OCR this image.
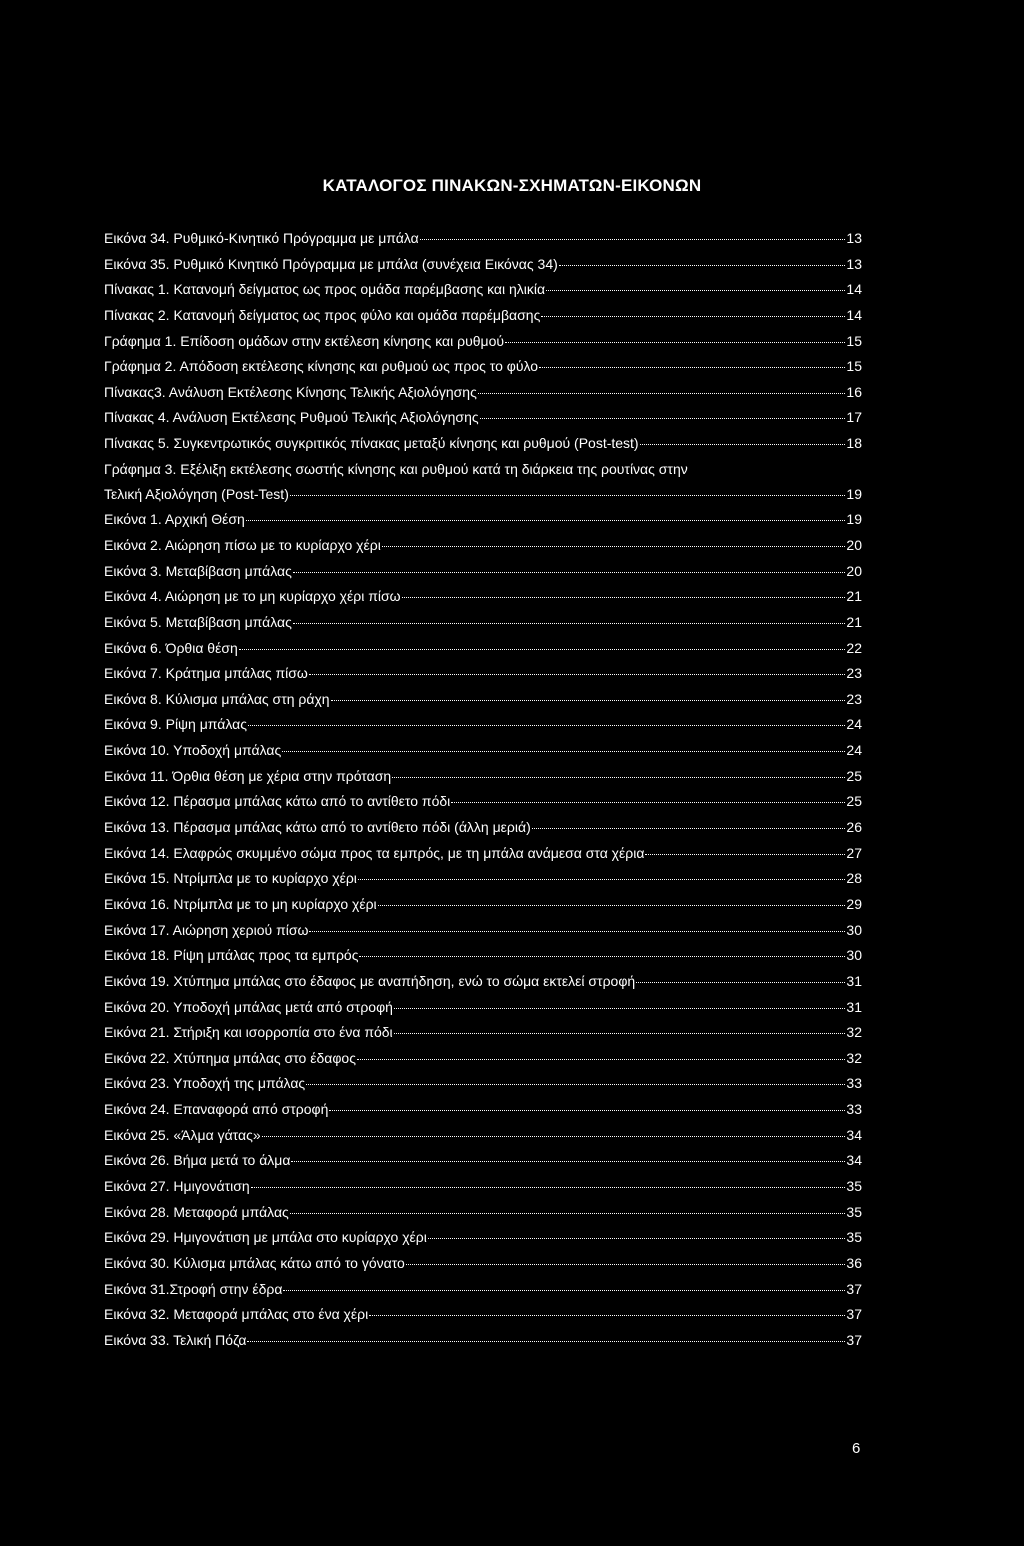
ΚΑΤΑΛΟΓΟΣ ΠΙΝΑΚΩΝ-ΣΧΗΜΑΤΩΝ-ΕΙΚΟΝΩΝ
Εικόνα 34. Ρυθμικό-Κινητικό Πρόγραμμα με μπάλα	13
Εικόνα 35. Ρυθμικό Κινητικό Πρόγραμμα με μπάλα (συνέχεια Εικόνας 34)	13
Πίνακας 1. Κατανομή δείγματος ως προς ομάδα παρέμβασης και ηλικία	14
Πίνακας 2. Κατανομή δείγματος ως προς φύλο και ομάδα παρέμβασης	14
Γράφημα 1. Επίδοση ομάδων στην εκτέλεση κίνησης και ρυθμού	15
Γράφημα 2. Απόδοση εκτέλεσης κίνησης και ρυθμού ως προς το φύλο	15
Πίνακας3. Ανάλυση Εκτέλεσης Κίνησης Τελικής Αξιολόγησης	16
Πίνακας 4. Ανάλυση Εκτέλεσης Ρυθμού Τελικής Αξιολόγησης	17
Πίνακας 5. Συγκεντρωτικός συγκριτικός πίνακας μεταξύ κίνησης και ρυθμού (Post-test)	18
Γράφημα 3. Εξέλιξη εκτέλεσης σωστής κίνησης και ρυθμού κατά τη διάρκεια της ρουτίνας στην
Τελική Αξιολόγηση (Post-Test)	19
Εικόνα 1. Αρχική Θέση	19
Εικόνα 2. Αιώρηση πίσω με το κυρίαρχο χέρι	20
Εικόνα 3. Μεταβίβαση μπάλας	20
Εικόνα 4. Αιώρηση με το μη κυρίαρχο χέρι πίσω	21
Εικόνα 5. Μεταβίβαση μπάλας	21
Εικόνα 6. Όρθια θέση	22
Εικόνα 7. Κράτημα μπάλας πίσω	23
Εικόνα 8. Κύλισμα μπάλας στη ράχη	23
Εικόνα 9. Ρίψη μπάλας	24
Εικόνα 10. Υποδοχή μπάλας	24
Εικόνα 11. Όρθια θέση με χέρια στην πρόταση	25
Εικόνα 12. Πέρασμα μπάλας κάτω από το αντίθετο πόδι	25
Εικόνα 13. Πέρασμα μπάλας κάτω από το αντίθετο πόδι (άλλη μεριά)	26
Εικόνα 14. Ελαφρώς σκυμμένο σώμα προς τα εμπρός, με τη μπάλα ανάμεσα στα χέρια	27
Εικόνα 15. Ντρίμπλα με το κυρίαρχο χέρι	28
Εικόνα 16. Ντρίμπλα με το μη κυρίαρχο χέρι	29
Εικόνα 17. Αιώρηση χεριού πίσω	30
Εικόνα 18. Ρίψη μπάλας προς τα εμπρός	30
Εικόνα 19. Χτύπημα μπάλας στο έδαφος με αναπήδηση, ενώ το σώμα εκτελεί στροφή	31
Εικόνα 20. Υποδοχή μπάλας μετά από στροφή	31
Εικόνα 21. Στήριξη και ισορροπία στο ένα πόδι	32
Εικόνα 22. Χτύπημα μπάλας στο έδαφος	32
Εικόνα 23. Υποδοχή της μπάλας	33
Εικόνα 24. Επαναφορά από στροφή	33
Εικόνα 25. «Άλμα γάτας»	34
Εικόνα 26. Βήμα μετά το άλμα	34
Εικόνα 27. Ημιγονάτιση	35
Εικόνα 28. Μεταφορά μπάλας	35
Εικόνα 29. Ημιγονάτιση με μπάλα στο κυρίαρχο χέρι	35
Εικόνα 30. Κύλισμα μπάλας κάτω από το γόνατο	36
Εικόνα 31.Στροφή στην έδρα	37
Εικόνα 32. Μεταφορά μπάλας στο ένα χέρι	37
Εικόνα 33. Τελική Πόζα	37
6
